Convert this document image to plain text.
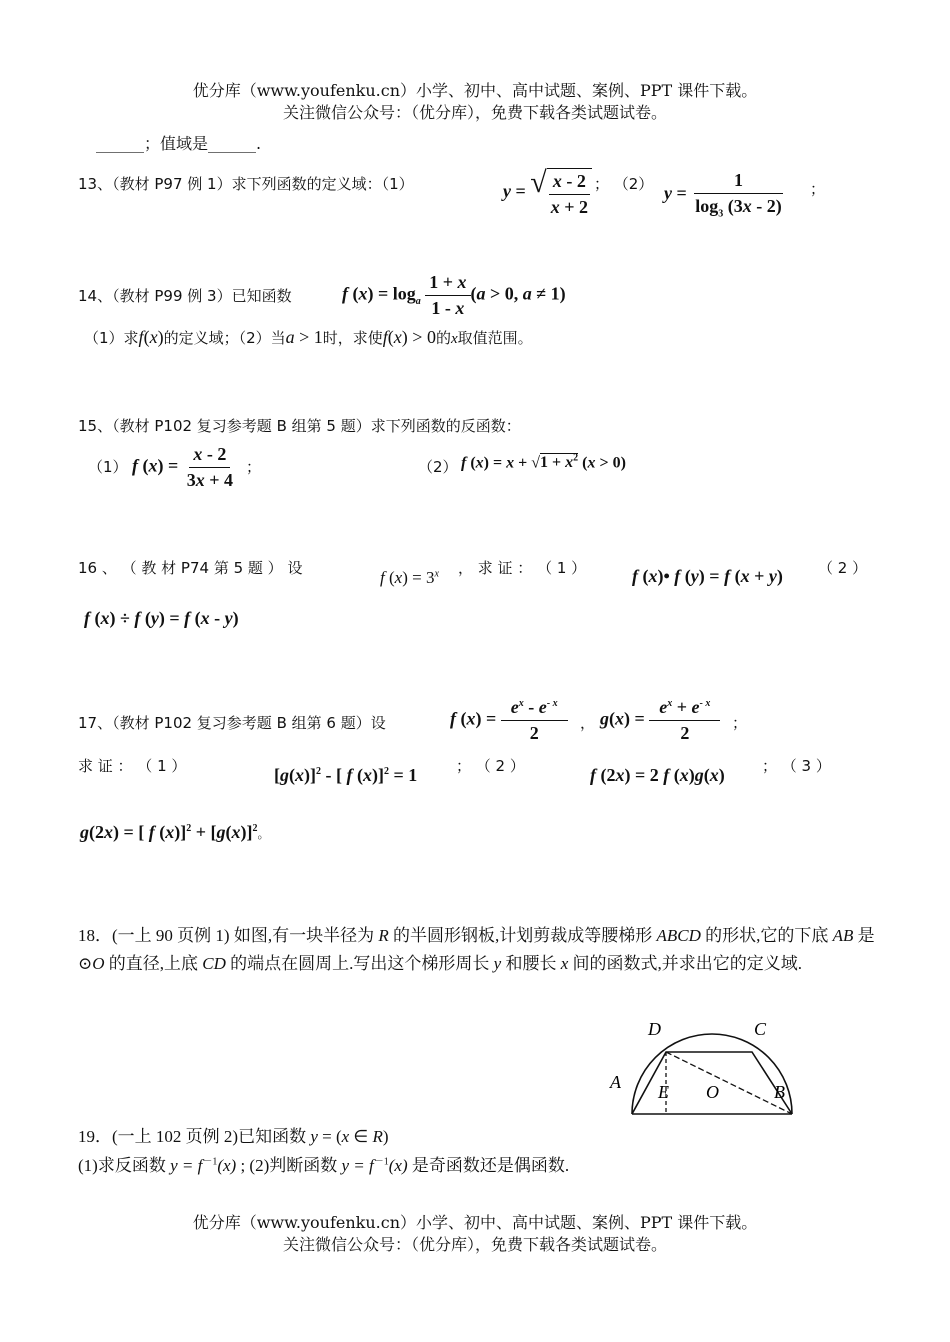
优分库（www.youfenku.cn）小学、初中、高中试题、案例、PPT 课件下载。
关注微信公众号：（优分库），免费下载各类试题试卷。
______；值域是______.
13、（教材 P97 例 1）求下列函数的定义域：（1）	y = √ $\frac{x - 2}{x + 2}$ ； （2） $y = \frac{1}{\log_3 (3x - 2)}$ ；
14、（教材 P99 例 3）已知函数	f $(x) = \log_a \frac{1 + x}{1 - x} (a > 0$, a ≠ 1)
（1）求f(x)的定义域；（2）当a > 1时，求使f(x) > 0的x取值范围。
15、（教材 P102 复习参考题 B 组第 5 题）求下列函数的反函数：
（1） f $(x) = \frac{x - 2}{3x + 4}$ ；	（2） f $(x) = x + √1 + x^2$ (x > 0)
16 、 （ 教 材 P74 第 5 题 ） 设	f $(x) = 3^x$ ， 求 证 ： （ 1 ）	f (x)• f (y) = f (x + y) （ 2 ）
f (x) ÷ f (y) = f (x - y)
17、（教材 P102 复习参考题 B 组第 6 题）设	f $(x) = \frac{e^x - e^{- x}}{2}$ ， $g(x) = \frac{e^x + e^{- x}}{2}$ ；
求 证 ： （ 1 ）	$[g(x)]^2$ - [ f (x)]$^2$ = 1	； （ 2 ）	f (2x) = 2 f (x)g(x) ； （ 3 ）
g(2x) = [ f $(x)]^2 + [g(x)]^2$。
18．(一上 90 页例 1) 如图,有一块半径为 R 的半圆形钢板,计划剪裁成等腰梯形 ABCD 的形状,它的下底 AB 是⊙O 的直径,上底 CD 的端点在圆周上.写出这个梯形周长 y 和腰长 x 间的函数式,并求出它的定义域.
D	C
A E O	B
19．(一上 102 页例 2)已知函数 y = (x ∈ R)
(1)求反函数 $y = f^{-1}(x)$ ; (2)判断函数 $y = f^{-1}(x)$ 是奇函数还是偶函数.
优分库（www.youfenku.cn）小学、初中、高中试题、案例、PPT 课件下载。
关注微信公众号：（优分库），免费下载各类试题试卷。
